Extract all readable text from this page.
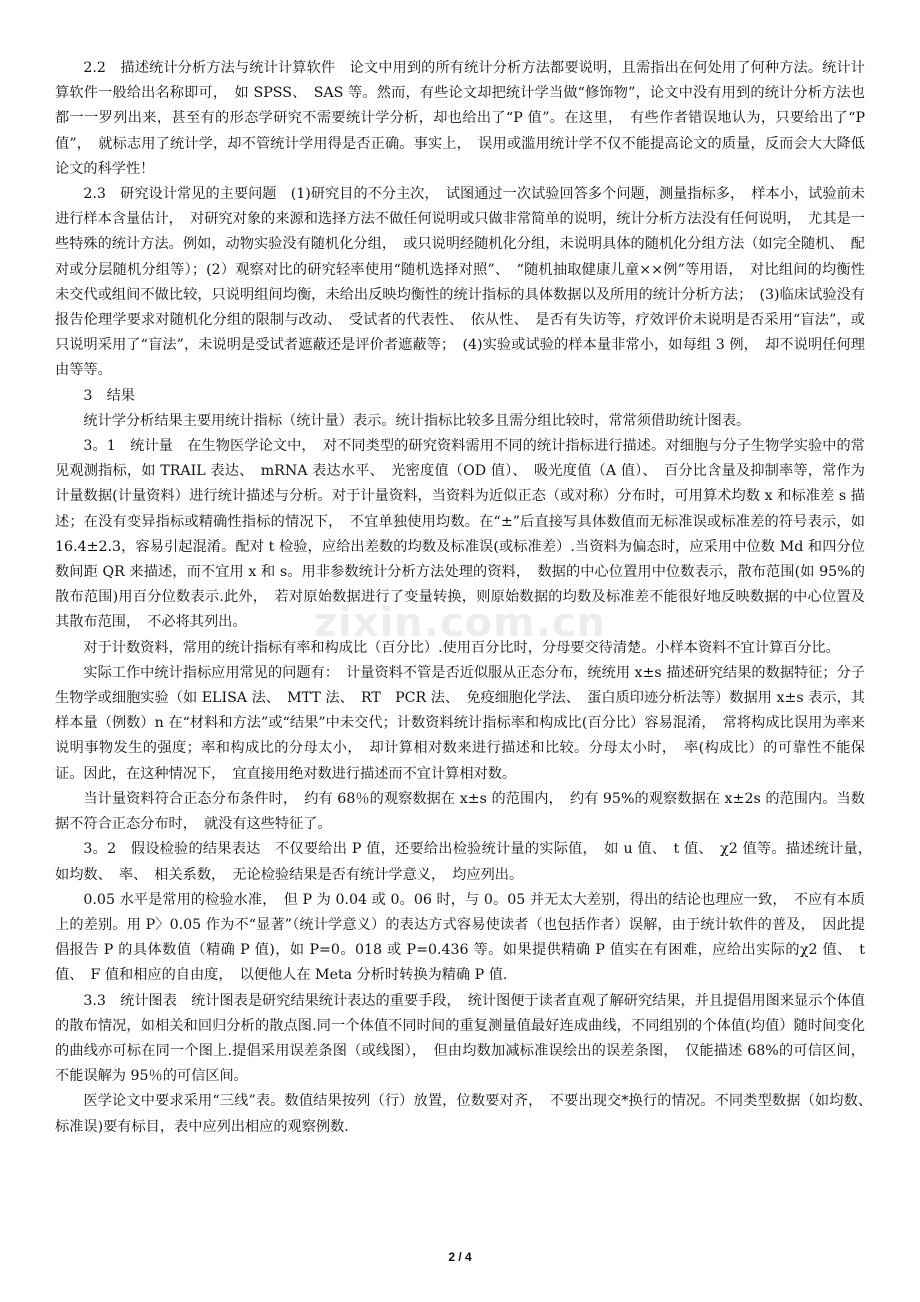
2.2　描述统计分析方法与统计计算软件　论文中用到的所有统计分析方法都要说明，且需指出在何处用了何种方法。统计计算软件一般给出名称即可，　如 SPSS、　SAS 等。然而，有些论文却把统计学当做“修饰物”，论文中没有用到的统计分析方法也都一一罗列出来，甚至有的形态学研究不需要统计学分析，却也给出了“P 值”。在这里，　有些作者错误地认为，只要给出了“P 值”，　就标志用了统计学，却不管统计学用得是否正确。事实上，　误用或滥用统计学不仅不能提高论文的质量，反而会大大降低论文的科学性！

2.3　研究设计常见的主要问题　(1)研究目的不分主次，　试图通过一次试验回答多个问题，测量指标多，　样本小，试验前未进行样本含量估计，　对研究对象的来源和选择方法不做任何说明或只做非常简单的说明，统计分析方法没有任何说明，　尤其是一些特殊的统计方法。例如，动物实验没有随机化分组，　或只说明经随机化分组，未说明具体的随机化分组方法（如完全随机、　配对或分层随机分组等）；(2）观察对比的研究轻率使用“随机选择对照”、　“随机抽取健康儿童××例”等用语，　对比组间的均衡性未交代或组间不做比较，只说明组间均衡，未给出反映均衡性的统计指标的具体数据以及所用的统计分析方法；　(3)临床试验没有报告伦理学要求对随机化分组的限制与改动、　受试者的代表性、　依从性、　是否有失访等，疗效评价未说明是否采用“盲法”，或只说明采用了“盲法”，未说明是受试者遮蔽还是评价者遮蔽等；　(4)实验或试验的样本量非常小，如每组 3 例，　却不说明任何理由等等。

3　结果

统计学分析结果主要用统计指标（统计量）表示。统计指标比较多且需分组比较时，常常须借助统计图表。

3。1　统计量　在生物医学论文中，　对不同类型的研究资料需用不同的统计指标进行描述。对细胞与分子生物学实验中的常见观测指标，如 TRAIL 表达、　mRNA 表达水平、　光密度值（OD 值）、　吸光度值（A 值）、　百分比含量及抑制率等，常作为计量数据(计量资料）进行统计描述与分析。对于计量资料，当资料为近似正态（或对称）分布时，可用算术均数 x 和标准差 s 描述；在没有变异指标或精确性指标的情况下，　不宜单独使用均数。在“±”后直接写具体数值而无标准误或标准差的符号表示，如 16.4±2.3，容易引起混淆。配对 t 检验，应给出差数的均数及标准误(或标准差）.当资料为偏态时，应采用中位数 Md 和四分位数间距 QR 来描述，而不宜用 x 和 s。用非参数统计分析方法处理的资料，　数据的中心位置用中位数表示，散布范围(如 95%的散布范围)用百分位数表示.此外，　若对原始数据进行了变量转换，则原始数据的均数及标准差不能很好地反映数据的中心位置及其散布范围，　不必将其列出。

对于计数资料，常用的统计指标有率和构成比（百分比）.使用百分比时，分母要交待清楚。小样本资料不宜计算百分比。

实际工作中统计指标应用常见的问题有：　计量资料不管是否近似服从正态分布，统统用 x±s 描述研究结果的数据特征；分子生物学或细胞实验（如 ELISA 法、　MTT 法、　RT　PCR 法、　免疫细胞化学法、　蛋白质印迹分析法等）数据用 x±s 表示，其样本量（例数）n 在“材料和方法”或“结果”中未交代；计数资料统计指标率和构成比(百分比）容易混淆，　常将构成比误用为率来说明事物发生的强度；率和构成比的分母太小，　却计算相对数来进行描述和比较。分母太小时，　率(构成比）的可靠性不能保证。因此，在这种情况下，　宜直接用绝对数进行描述而不宜计算相对数。

当计量资料符合正态分布条件时，　约有 68％的观察数据在 x±s 的范围内，　约有 95%的观察数据在 x±2s 的范围内。当数据不符合正态分布时，　就没有这些特征了。

3。2　假设检验的结果表达　不仅要给出 P 值，还要给出检验统计量的实际值，　如 u 值、　t 值、　χ2 值等。描述统计量，　如均数、　率、　相关系数，　无论检验结果是否有统计学意义，　均应列出。

0.05 水平是常用的检验水准，　但 P 为 0.04 或 0。06 时，与 0。05 并无太大差别，得出的结论也理应一致，　不应有本质上的差别。用 P〉0.05 作为不“显著”（统计学意义）的表达方式容易使读者（也包括作者）误解，由于统计软件的普及，　因此提倡报告 P 的具体数值（精确 P 值)，如 P=0。018 或 P=0.436 等。如果提供精确 P 值实在有困难，应给出实际的χ2 值、　t 值、　F 值和相应的自由度，　以便他人在 Meta 分析时转换为精确 P 值.

3.3　统计图表　统计图表是研究结果统计表达的重要手段，　统计图便于读者直观了解研究结果，并且提倡用图来显示个体值的散布情况，如相关和回归分析的散点图.同一个体值不同时间的重复测量值最好连成曲线，不同组别的个体值(均值）随时间变化的曲线亦可标在同一个图上.提倡采用误差条图（或线图），　但由均数加减标准误绘出的误差条图，　仅能描述 68%的可信区间，不能误解为 95％的可信区间。

医学论文中要求采用“三线”表。数值结果按列（行）放置，位数要对齐，　不要出现交*换行的情况。不同类型数据（如均数、　标准误)要有标目，表中应列出相应的观察例数.

zixin.com.cn
2 / 4
